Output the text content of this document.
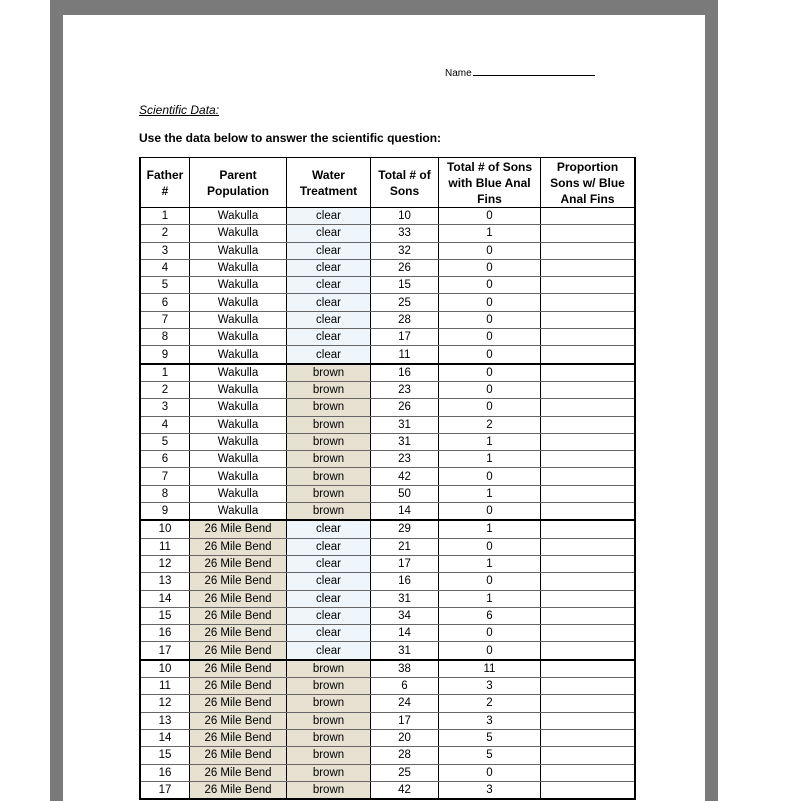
Name
Scientific Data:
Use the data below to answer the scientific question:
Father #	Parent Population	Water Treatment	Total # of Sons	Total # of Sons with Blue Anal Fins	Proportion Sons w/ Blue Anal Fins
1	Wakulla	clear	10	0	
2	Wakulla	clear	33	1	
3	Wakulla	clear	32	0	
4	Wakulla	clear	26	0	
5	Wakulla	clear	15	0	
6	Wakulla	clear	25	0	
7	Wakulla	clear	28	0	
8	Wakulla	clear	17	0	
9	Wakulla	clear	11	0	
1	Wakulla	brown	16	0	
2	Wakulla	brown	23	0	
3	Wakulla	brown	26	0	
4	Wakulla	brown	31	2	
5	Wakulla	brown	31	1	
6	Wakulla	brown	23	1	
7	Wakulla	brown	42	0	
8	Wakulla	brown	50	1	
9	Wakulla	brown	14	0	
10	26 Mile Bend	clear	29	1	
11	26 Mile Bend	clear	21	0	
12	26 Mile Bend	clear	17	1	
13	26 Mile Bend	clear	16	0	
14	26 Mile Bend	clear	31	1	
15	26 Mile Bend	clear	34	6	
16	26 Mile Bend	clear	14	0	
17	26 Mile Bend	clear	31	0	
10	26 Mile Bend	brown	38	11	
11	26 Mile Bend	brown	6	3	
12	26 Mile Bend	brown	24	2	
13	26 Mile Bend	brown	17	3	
14	26 Mile Bend	brown	20	5	
15	26 Mile Bend	brown	28	5	
16	26 Mile Bend	brown	25	0	
17	26 Mile Bend	brown	42	3	
